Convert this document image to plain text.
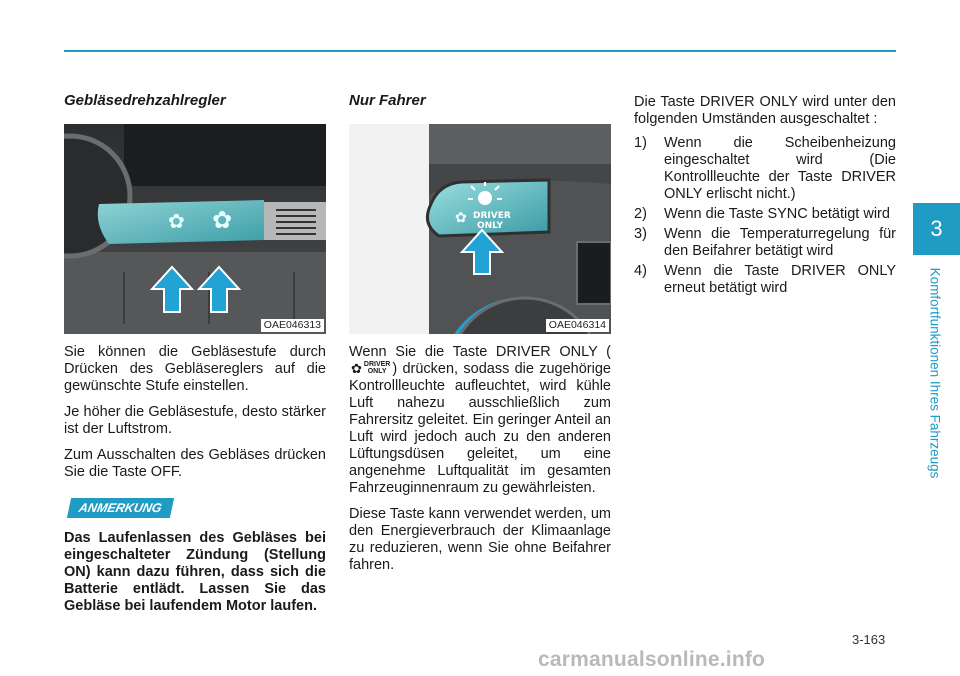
Gebläsedrehzahlregler
✿ ✿
OAE046313

Sie können die Gebläsestufe durch Drücken des Gebläsereglers auf die gewünschte Stufe einstellen.

Je höher die Gebläsestufe, desto stärker ist der Luftstrom.

Zum Ausschalten des Gebläses drücken Sie die Taste OFF.

ANMERKUNG
Das Laufenlassen des Gebläses bei eingeschalteter Zündung (Stellung ON) kann dazu führen, dass sich die Batterie entlädt. Lassen Sie das Gebläse bei laufendem Motor laufen.
Nur Fahrer
✿ DRIVER
ONLY
OAE046314

Wenn Sie die Taste DRIVER ONLY (✿ DRIVER
ONLY ) drücken, sodass die zugehörige Kontrollleuchte aufleuchtet, wird kühle Luft nahezu ausschließlich zum Fahrersitz geleitet. Ein geringer Anteil an Luft wird jedoch auch zu den anderen Lüftungsdüsen geleitet, um eine angenehme Luftqualität im gesamten Fahrzeuginnenraum zu gewährleisten.

Diese Taste kann verwendet werden, um den Energieverbrauch der Klimaanlage zu reduzieren, wenn Sie ohne Beifahrer fahren.

Die Taste DRIVER ONLY wird unter den folgenden Umständen ausgeschaltet :

1) Wenn die Scheibenheizung eingeschaltet wird (Die Kontrollleuchte der Taste DRIVER ONLY erlischt nicht.)
2) Wenn die Taste SYNC betätigt wird
3) Wenn die Temperaturregelung für den Beifahrer betätigt wird
4) Wenn die Taste DRIVER ONLY erneut betätigt wird
3
Komfortfunktionen Ihres Fahrzeugs
3-163
carmanualsonline.info
